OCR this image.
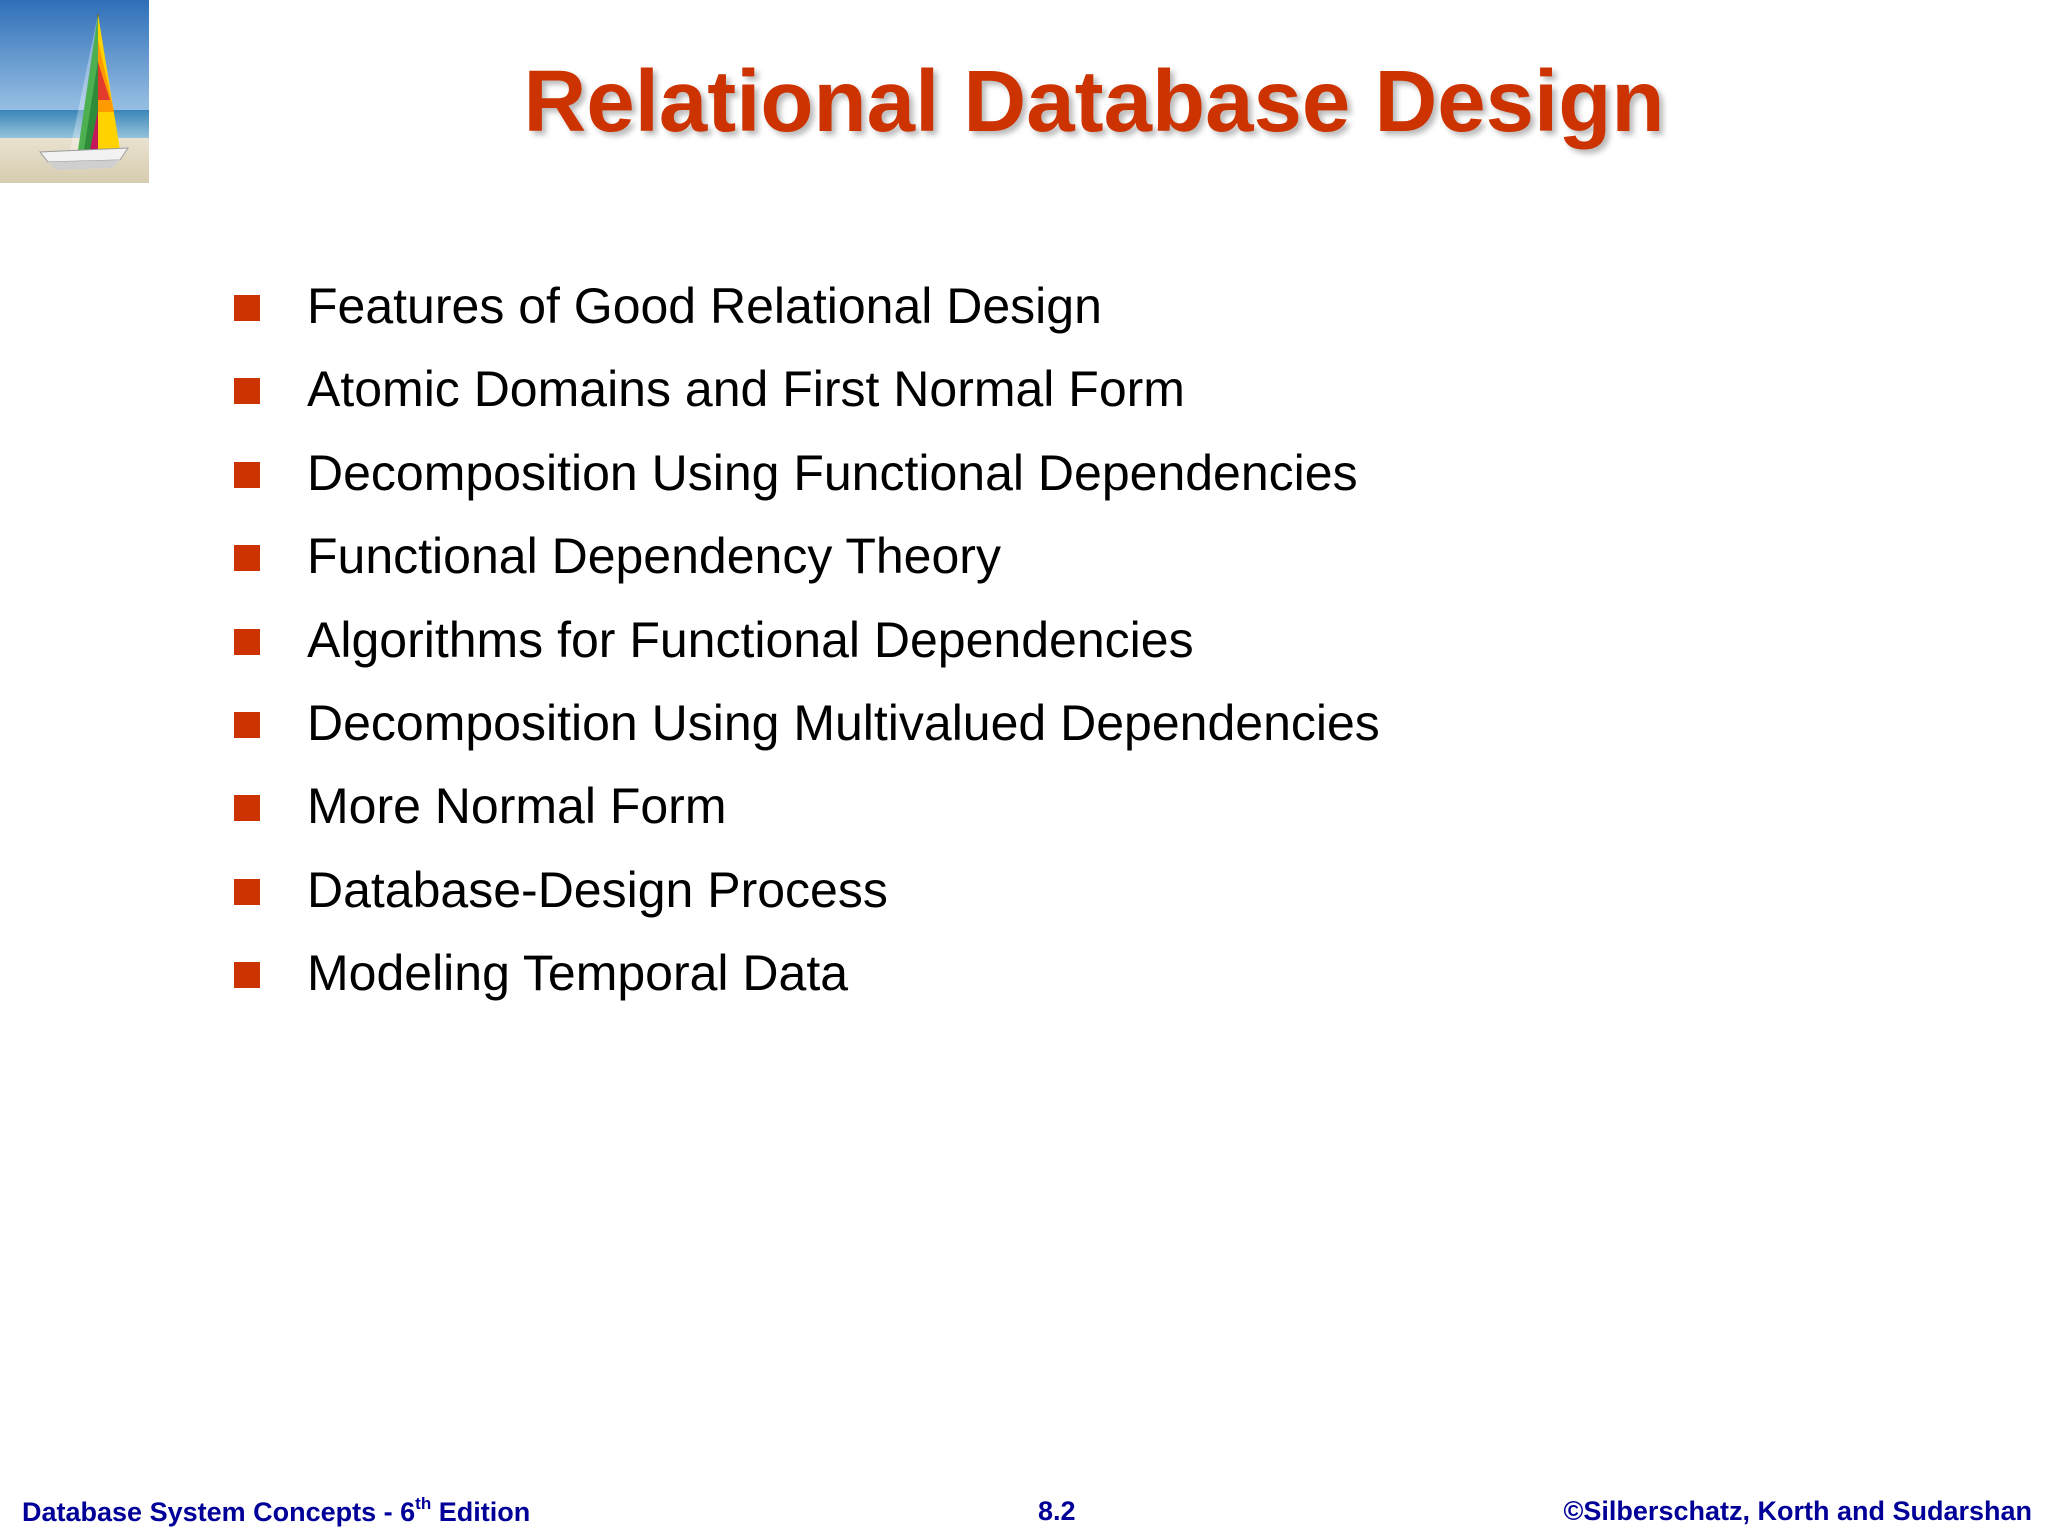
Relational Database Design
Features of Good Relational Design
Atomic Domains and First Normal Form
Decomposition Using Functional Dependencies
Functional Dependency Theory
Algorithms for Functional Dependencies
Decomposition Using Multivalued Dependencies
More Normal Form
Database-Design Process
Modeling Temporal Data
Database System Concepts - 6th Edition	8.2	©Silberschatz, Korth and Sudarshan
